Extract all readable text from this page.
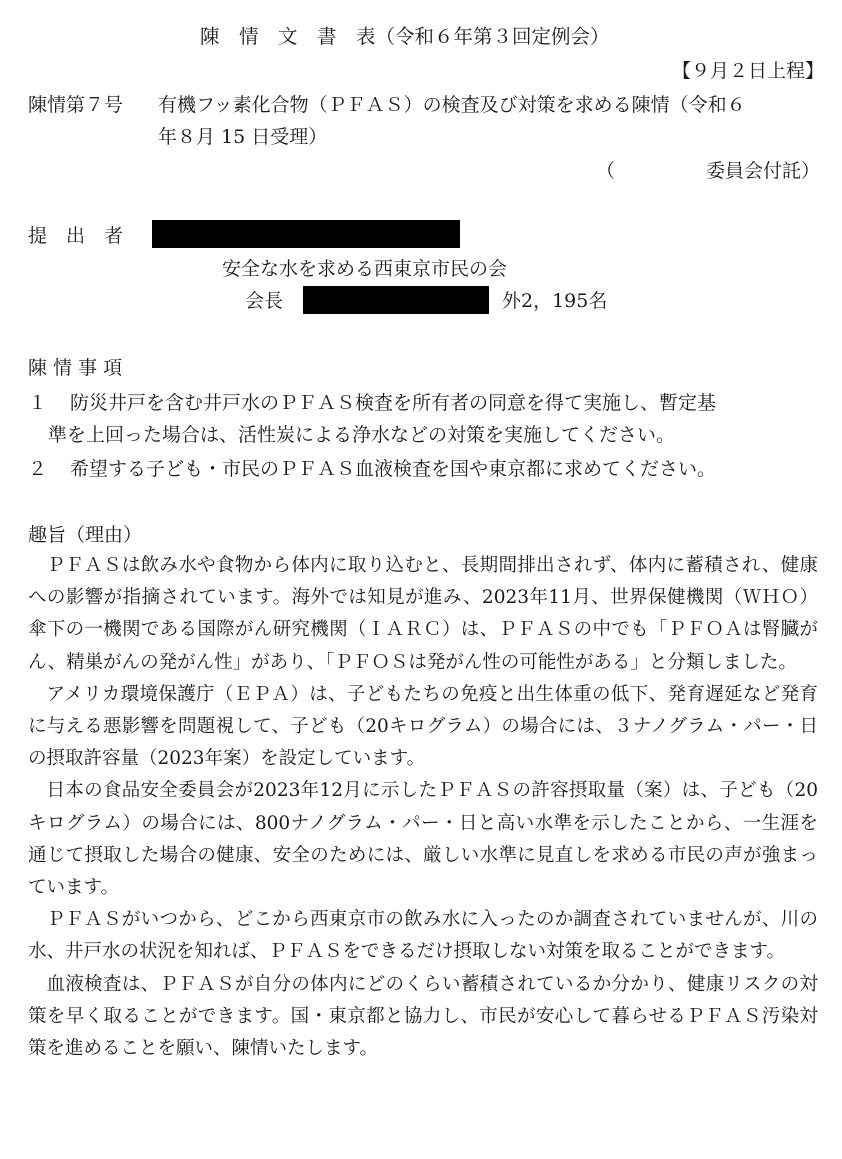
陳　情　文　書　表（令和６年第３回定例会）
【９月２日上程】
陳情第７号 有機フッ素化合物（ＰＦＡＳ）の検査及び対策を求める陳情（令和６
年８月 15 日受理）
（	委員会付託）
提　出　者
安全な水を求める西東京市民の会
会長	外2，195名
陳 情 事 項
１ 防災井戸を含む井戸水のＰＦＡＳ検査を所有者の同意を得て実施し、暫定基
準を上回った場合は、活性炭による浄水などの対策を実施してください。
２ 希望する子ども・市民のＰＦＡＳ血液検査を国や東京都に求めてください。
趣旨（理由）

ＰＦＡＳは飲み水や食物から体内に取り込むと、長期間排出されず、体内に蓄積され、健康への影響が指摘されています。海外では知見が進み、2023年11月、世界保健機関（ＷＨＯ）傘下の一機関である国際がん研究機関（ＩＡＲＣ）は、ＰＦＡＳの中でも「ＰＦＯＡは腎臓がん、精巣がんの発がん性」があり、「ＰＦＯＳは発がん性の可能性がある」と分類しました。

アメリカ環境保護庁（ＥＰＡ）は、子どもたちの免疫と出生体重の低下、発育遅延など発育に与える悪影響を問題視して、子ども（20キログラム）の場合には、３ナノグラム・パー・日の摂取許容量（2023年案）を設定しています。

日本の食品安全委員会が2023年12月に示したＰＦＡＳの許容摂取量（案）は、子ども（20キログラム）の場合には、800ナノグラム・パー・日と高い水準を示したことから、一生涯を通じて摂取した場合の健康、安全のためには、厳しい水準に見直しを求める市民の声が強まっています。

ＰＦＡＳがいつから、どこから西東京市の飲み水に入ったのか調査されていませんが、川の水、井戸水の状況を知れば、ＰＦＡＳをできるだけ摂取しない対策を取ることができます。

血液検査は、ＰＦＡＳが自分の体内にどのくらい蓄積されているか分かり、健康リスクの対策を早く取ることができます。国・東京都と協力し、市民が安心して暮らせるＰＦＡＳ汚染対策を進めることを願い、陳情いたします。
